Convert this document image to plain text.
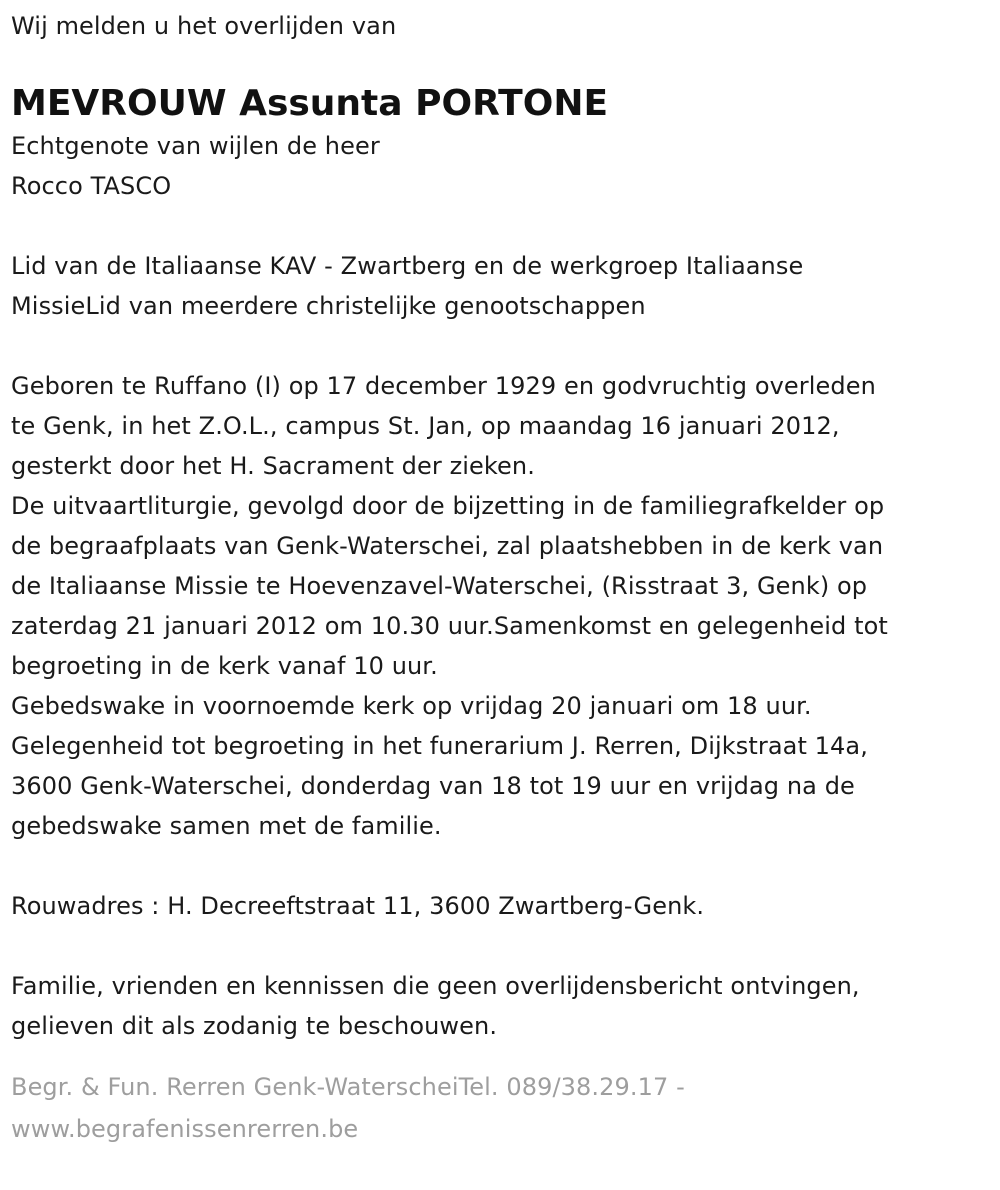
Wij melden u het overlijden van
MEVROUW Assunta PORTONE
Echtgenote van wijlen de heer
Rocco TASCO
Lid van de Italiaanse KAV - Zwartberg en de werkgroep Italiaanse
MissieLid van meerdere christelijke genootschappen
Geboren te Ruffano (I) op 17 december 1929 en godvruchtig overleden
te Genk, in het Z.O.L., campus St. Jan, op maandag 16 januari 2012,
gesterkt door het H. Sacrament der zieken.
De uitvaartliturgie, gevolgd door de bijzetting in de familiegrafkelder op
de begraafplaats van Genk-Waterschei, zal plaatshebben in de kerk van
de Italiaanse Missie te Hoevenzavel-Waterschei, (Risstraat 3, Genk) op
zaterdag 21 januari 2012 om 10.30 uur.Samenkomst en gelegenheid tot
begroeting in de kerk vanaf 10 uur.
Gebedswake in voornoemde kerk op vrijdag 20 januari om 18 uur.
Gelegenheid tot begroeting in het funerarium J. Rerren, Dijkstraat 14a,
3600 Genk-Waterschei, donderdag van 18 tot 19 uur en vrijdag na de
gebedswake samen met de familie.
Rouwadres : H. Decreeftstraat 11, 3600 Zwartberg-Genk.
Familie, vrienden en kennissen die geen overlijdensbericht ontvingen,
gelieven dit als zodanig te beschouwen.
Begr. & Fun. Rerren Genk-WaterscheiTel. 089/38.29.17 -
www.begrafenissenrerren.be
